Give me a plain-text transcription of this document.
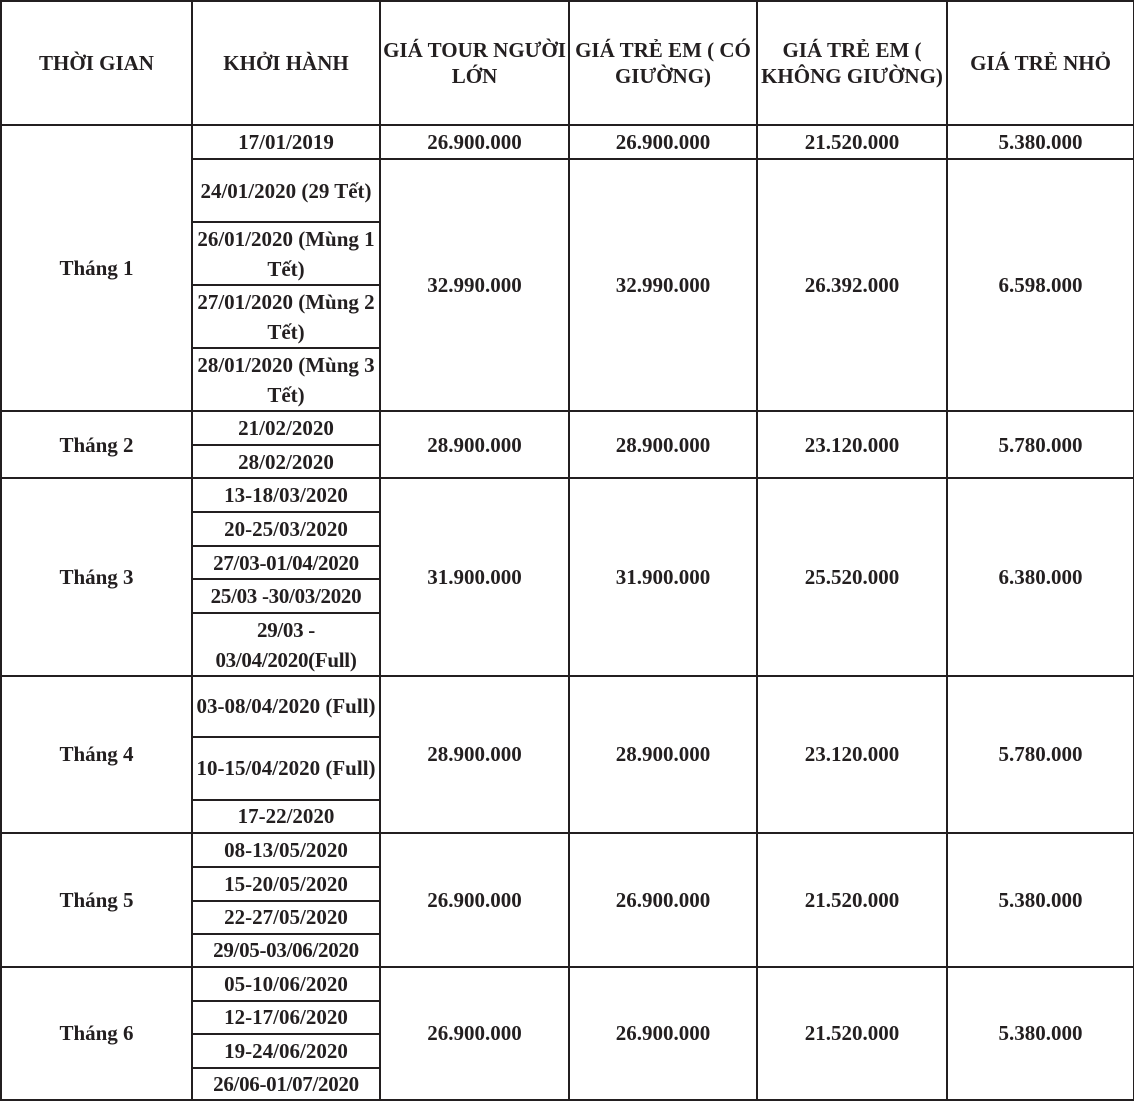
THỜI GIAN	KHỞI HÀNH	GIÁ TOUR NGƯỜI LỚN	GIÁ TRẺ EM ( CÓ GIƯỜNG)	GIÁ TRẺ EM ( KHÔNG GIƯỜNG)	GIÁ TRẺ NHỎ
Tháng 1	17/01/2019	26.900.000	26.900.000	21.520.000	5.380.000
	24/01/2020 (29 Tết)	32.990.000	32.990.000	26.392.000	6.598.000
	26/01/2020 (Mùng 1 Tết)				
	27/01/2020 (Mùng 2 Tết)				
	28/01/2020 (Mùng 3 Tết)				
Tháng 2	21/02/2020	28.900.000	28.900.000	23.120.000	5.780.000
	28/02/2020				
Tháng 3	13-18/03/2020	31.900.000	31.900.000	25.520.000	6.380.000
	20-25/03/2020				
	27/03-01/04/2020				
	25/03 -30/03/2020				
	29/03 - 03/04/2020(Full)				
Tháng 4	03-08/04/2020 (Full)	28.900.000	28.900.000	23.120.000	5.780.000
	10-15/04/2020 (Full)				
	17-22/2020				
Tháng 5	08-13/05/2020	26.900.000	26.900.000	21.520.000	5.380.000
	15-20/05/2020				
	22-27/05/2020				
	29/05-03/06/2020				
Tháng 6	05-10/06/2020	26.900.000	26.900.000	21.520.000	5.380.000
	12-17/06/2020				
	19-24/06/2020				
	26/06-01/07/2020				
